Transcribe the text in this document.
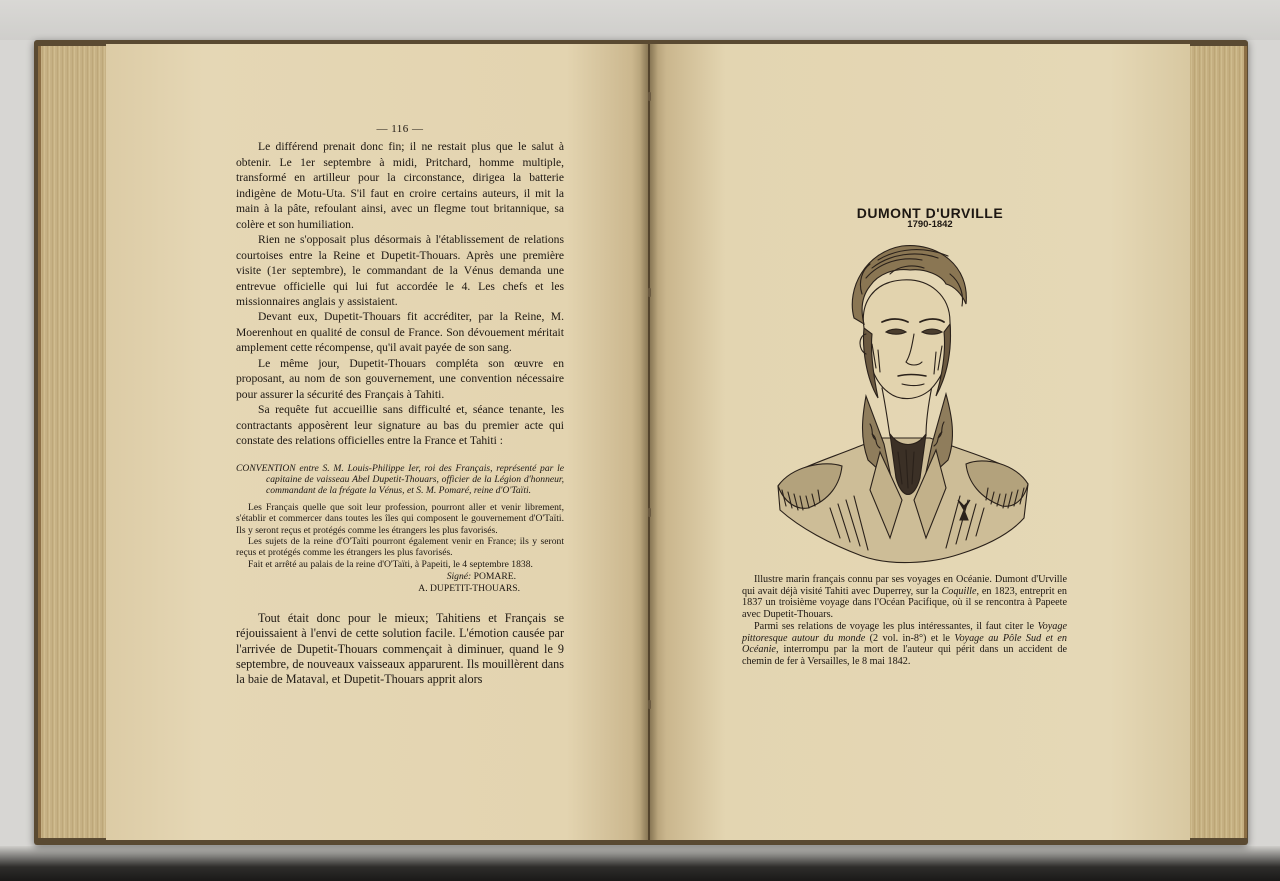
— 116 —

Le différend prenait donc fin; il ne restait plus que le salut à obtenir. Le 1er septembre à midi, Pritchard, homme multiple, transformé en artilleur pour la circonstance, dirigea la batterie indigène de Motu-Uta. S'il faut en croire certains auteurs, il mit la main à la pâte, refoulant ainsi, avec un flegme tout britannique, sa colère et son humiliation.

Rien ne s'opposait plus désormais à l'établissement de relations courtoises entre la Reine et Dupetit-Thouars. Après une première visite (1er septembre), le commandant de la Vénus demanda une entrevue officielle qui lui fut accordée le 4. Les chefs et les missionnaires anglais y assistaient.

Devant eux, Dupetit-Thouars fit accréditer, par la Reine, M. Moerenhout en qualité de consul de France. Son dévouement méritait amplement cette récompense, qu'il avait payée de son sang.

Le même jour, Dupetit-Thouars compléta son œuvre en proposant, au nom de son gouvernement, une convention nécessaire pour assurer la sécurité des Français à Tahiti.

Sa requête fut accueillie sans difficulté et, séance tenante, les contractants apposèrent leur signature au bas du premier acte qui constate des relations officielles entre la France et Tahiti :

CONVENTION entre S. M. Louis-Philippe Ier, roi des Français, représenté par le capitaine de vaisseau Abel Dupetit-Thouars, officier de la Légion d'honneur, commandant de la frégate la Vénus, et S. M. Pomaré, reine d'O'Taïti.

Les Français quelle que soit leur profession, pourront aller et venir librement, s'établir et commercer dans toutes les îles qui composent le gouvernement d'O'Taïti. Ils y seront reçus et protégés comme les étrangers les plus favorisés.

Les sujets de la reine d'O'Taïti pourront également venir en France; ils y seront reçus et protégés comme les étrangers les plus favorisés.

Fait et arrêté au palais de la reine d'O'Taïti, à Papeiti, le 4 septembre 1838.

Signé: POMARE.
A. DUPETIT-THOUARS.

Tout était donc pour le mieux; Tahitiens et Français se réjouissaient à l'envi de cette solution facile. L'émotion causée par l'arrivée de Dupetit-Thouars commençait à diminuer, quand le 9 septembre, de nouveaux vaisseaux apparurent. Ils mouillèrent dans la baie de Mataval, et Dupetit-Thouars apprit alors

DUMONT D'URVILLE
1790-1842

Illustre marin français connu par ses voyages en Océanie. Dumont d'Urville qui avait déjà visité Tahiti avec Duperrey, sur la Coquille, en 1823, entreprit en 1837 un troisième voyage dans l'Océan Pacifique, où il se rencontra à Papeete avec Dupetit-Thouars.

Parmi ses relations de voyage les plus intéressantes, il faut citer le Voyage pittoresque autour du monde (2 vol. in-8°) et le Voyage au Pôle Sud et en Océanie, interrompu par la mort de l'auteur qui périt dans un accident de chemin de fer à Versailles, le 8 mai 1842.
